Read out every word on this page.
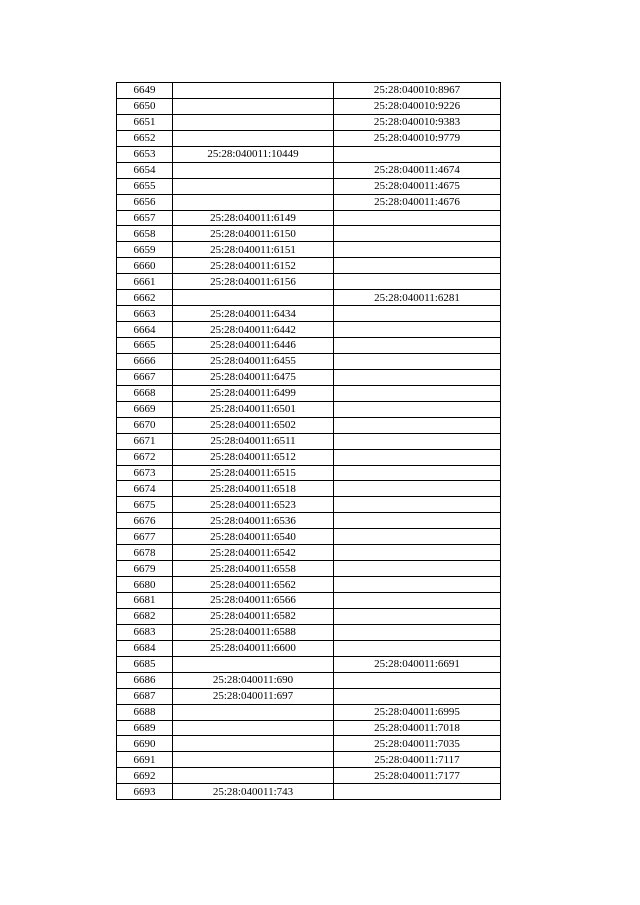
6649		25:28:040010:8967
6650		25:28:040010:9226
6651		25:28:040010:9383
6652		25:28:040010:9779
6653	25:28:040011:10449	
6654		25:28:040011:4674
6655		25:28:040011:4675
6656		25:28:040011:4676
6657	25:28:040011:6149	
6658	25:28:040011:6150	
6659	25:28:040011:6151	
6660	25:28:040011:6152	
6661	25:28:040011:6156	
6662		25:28:040011:6281
6663	25:28:040011:6434	
6664	25:28:040011:6442	
6665	25:28:040011:6446	
6666	25:28:040011:6455	
6667	25:28:040011:6475	
6668	25:28:040011:6499	
6669	25:28:040011:6501	
6670	25:28:040011:6502	
6671	25:28:040011:6511	
6672	25:28:040011:6512	
6673	25:28:040011:6515	
6674	25:28:040011:6518	
6675	25:28:040011:6523	
6676	25:28:040011:6536	
6677	25:28:040011:6540	
6678	25:28:040011:6542	
6679	25:28:040011:6558	
6680	25:28:040011:6562	
6681	25:28:040011:6566	
6682	25:28:040011:6582	
6683	25:28:040011:6588	
6684	25:28:040011:6600	
6685		25:28:040011:6691
6686	25:28:040011:690	
6687	25:28:040011:697	
6688		25:28:040011:6995
6689		25:28:040011:7018
6690		25:28:040011:7035
6691		25:28:040011:7117
6692		25:28:040011:7177
6693	25:28:040011:743	
